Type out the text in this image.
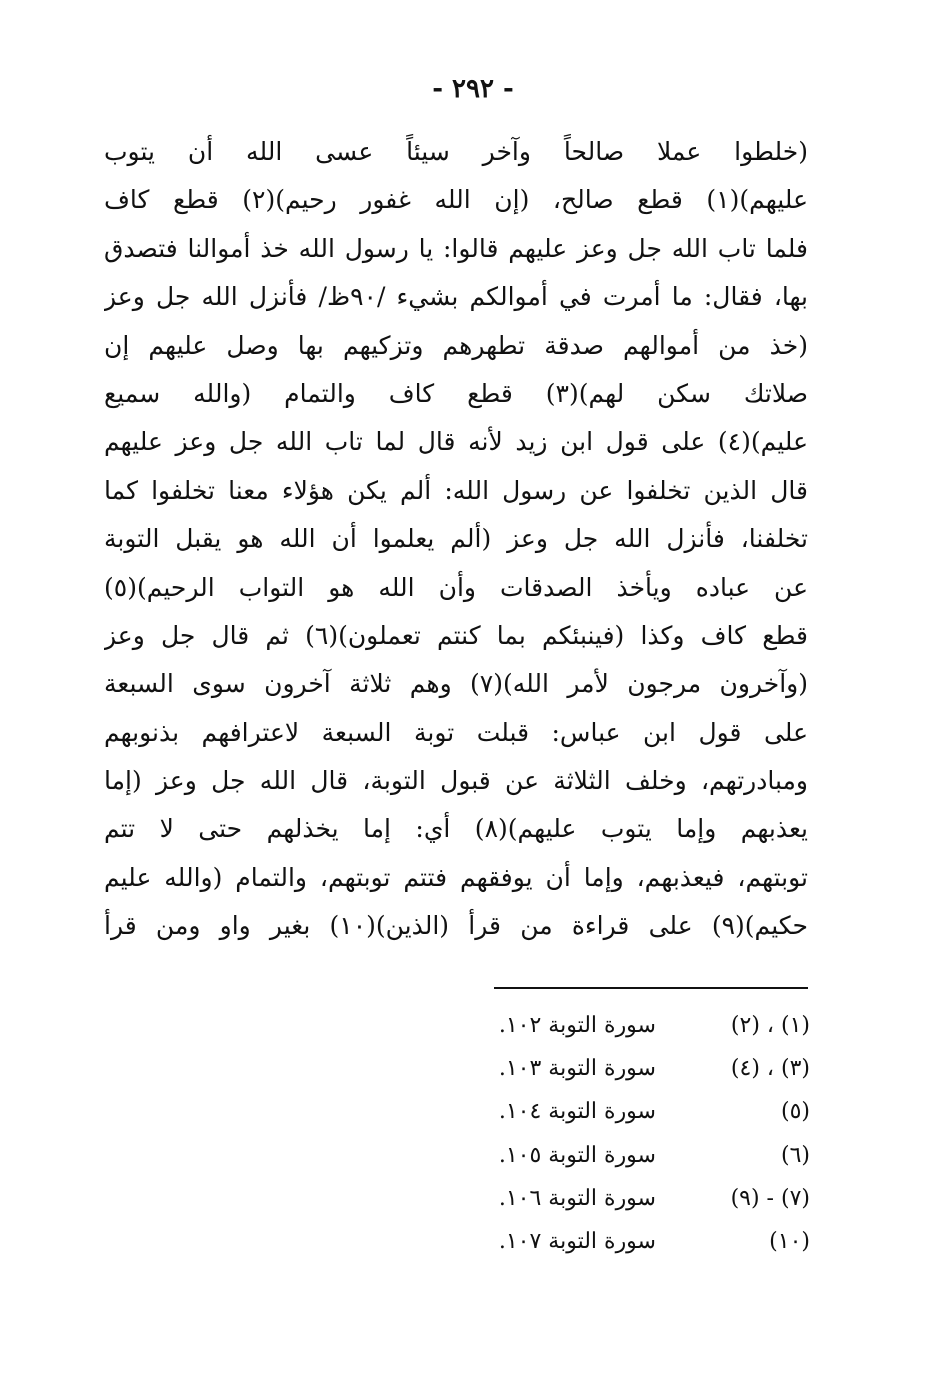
- ٢٩٢ -
(خلطوا عملا صالحاً وآخر سيئاً عسى الله أن يتوب
عليهم)(١) قطع صالح، (إن الله غفور رحيم)(٢) قطع كاف
فلما تاب الله جل وعز عليهم قالوا: يا رسول الله خذ أموالنا فتصدق
بها، فقال: ما أمرت في أموالكم بشيء /٩٠ظ/ فأنزل الله جل وعز
(خذ من أموالهم صدقة تطهرهم وتزكيهم بها وصل عليهم إن
صلاتك سكن لهم)(٣) قطع كاف والتمام (والله سميع
عليم)(٤) على قول ابن زيد لأنه قال لما تاب الله جل وعز عليهم
قال الذين تخلفوا عن رسول الله: ألم يكن هؤلاء معنا تخلفوا كما
تخلفنا، فأنزل الله جل وعز (ألم يعلموا أن الله هو يقبل التوبة
عن عباده ويأخذ الصدقات وأن الله هو التواب الرحيم)(٥)
قطع كاف وكذا (فينبئكم بما كنتم تعملون)(٦) ثم قال جل وعز
(وآخرون مرجون لأمر الله)(٧) وهم ثلاثة آخرون سوى السبعة
على قول ابن عباس: قبلت توبة السبعة لاعترافهم بذنوبهم
ومبادرتهم، وخلف الثلاثة عن قبول التوبة، قال الله جل وعز (إما
يعذبهم وإما يتوب عليهم)(٨) أي: إما يخذلهم حتى لا تتم
توبتهم، فيعذبهم، وإما أن يوفقهم فتتم توبتهم، والتمام (والله عليم
حكيم)(٩) على قراءة من قرأ (الذين)(١٠) بغير واو ومن قرأ
(١) ، (٢)
سورة التوبة ١٠٢.
(٣) ، (٤)
سورة التوبة ١٠٣.
(٥)
سورة التوبة ١٠٤.
(٦)
سورة التوبة ١٠٥.
(٧) - (٩)
سورة التوبة ١٠٦.
(١٠)
سورة التوبة ١٠٧.
